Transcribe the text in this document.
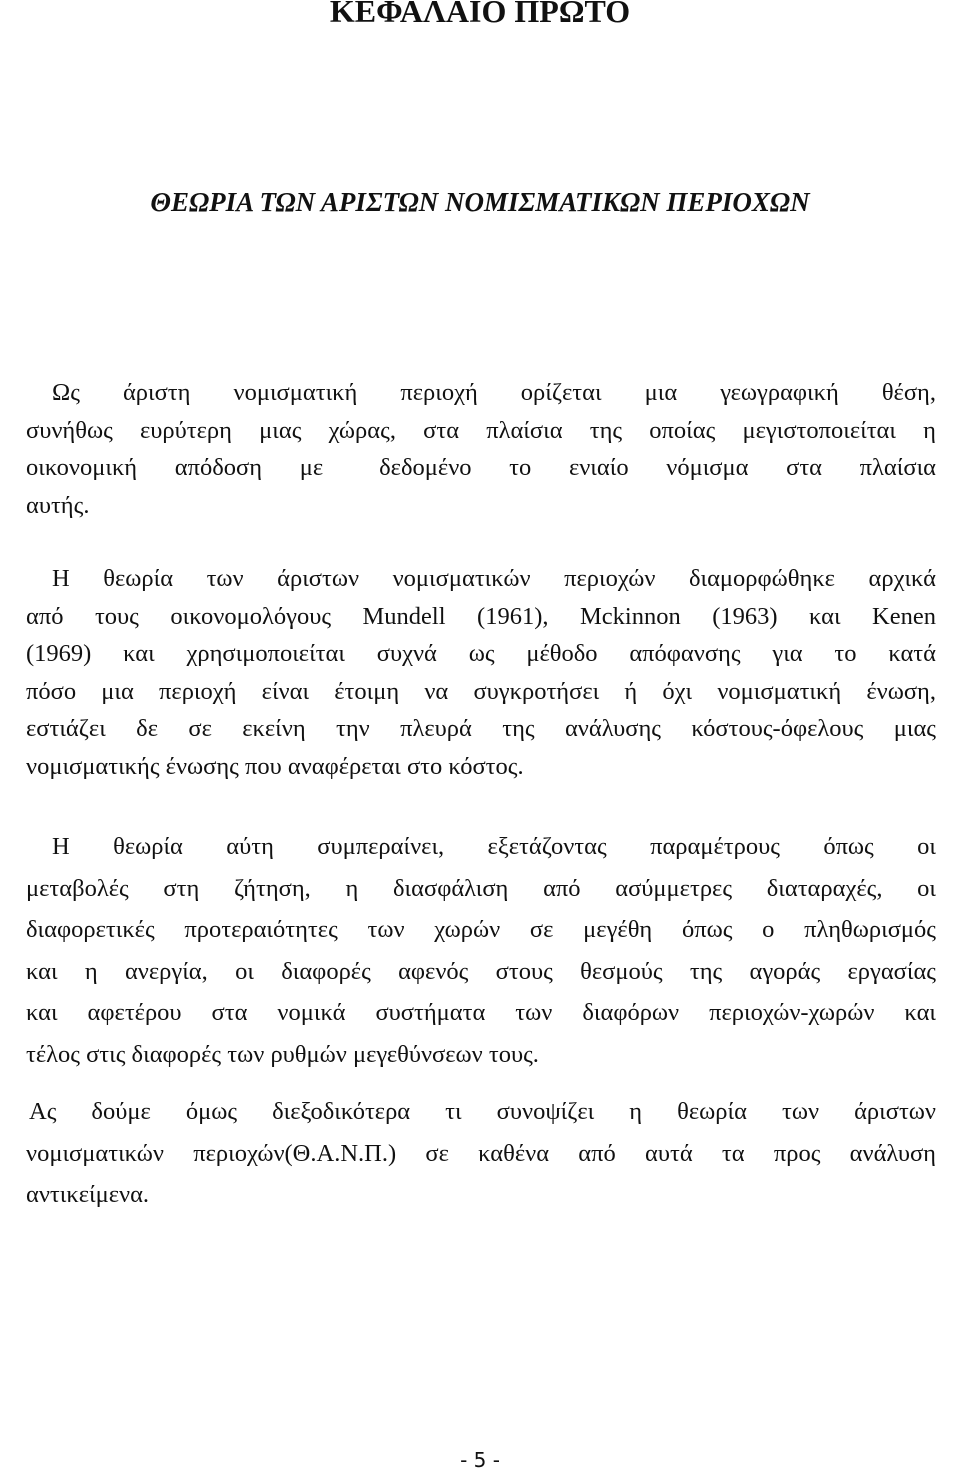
ΚΕΦΑΛΑΙΟ ΠΡΩΤΟ
ΘΕΩΡΙΑ ΤΩΝ ΑΡΙΣΤΩΝ ΝΟΜΙΣΜΑΤΙΚΩΝ ΠΕΡΙΟΧΩΝ
Ως άριστη νομισματική περιοχή ορίζεται μια γεωγραφική θέση,
συνήθως ευρύτερη μιας χώρας, στα πλαίσια της οποίας μεγιστοποιείται η
οικονομική απόδοση με δεδομένο το ενιαίο νόμισμα στα πλαίσια
αυτής.
Η θεωρία των άριστων νομισματικών περιοχών διαμορφώθηκε αρχικά
από τους οικονομολόγους Mundell (1961), Mckinnon (1963) και Kenen
(1969) και χρησιμοποιείται συχνά ως μέθοδο απόφανσης για το κατά
πόσο μια περιοχή είναι έτοιμη να συγκροτήσει ή όχι νομισματική ένωση,
εστιάζει δε σε εκείνη την πλευρά της ανάλυσης κόστους-όφελους μιας
νομισματικής ένωσης που αναφέρεται στο κόστος.
Η θεωρία αύτη συμπεραίνει, εξετάζοντας παραμέτρους όπως οι
μεταβολές στη ζήτηση, η διασφάλιση από ασύμμετρες διαταραχές, οι
διαφορετικές προτεραιότητες των χωρών σε μεγέθη όπως ο πληθωρισμός
και η ανεργία, οι διαφορές αφενός στους θεσμούς της αγοράς εργασίας
και αφετέρου στα νομικά συστήματα των διαφόρων περιοχών-χωρών και
τέλος στις διαφορές των ρυθμών μεγεθύνσεων τους.
Ας δούμε όμως διεξοδικότερα τι συνοψίζει η θεωρία των άριστων
νομισματικών περιοχών(Θ.Α.Ν.Π.) σε καθένα από αυτά τα προς ανάλυση
αντικείμενα.
- 5 -
